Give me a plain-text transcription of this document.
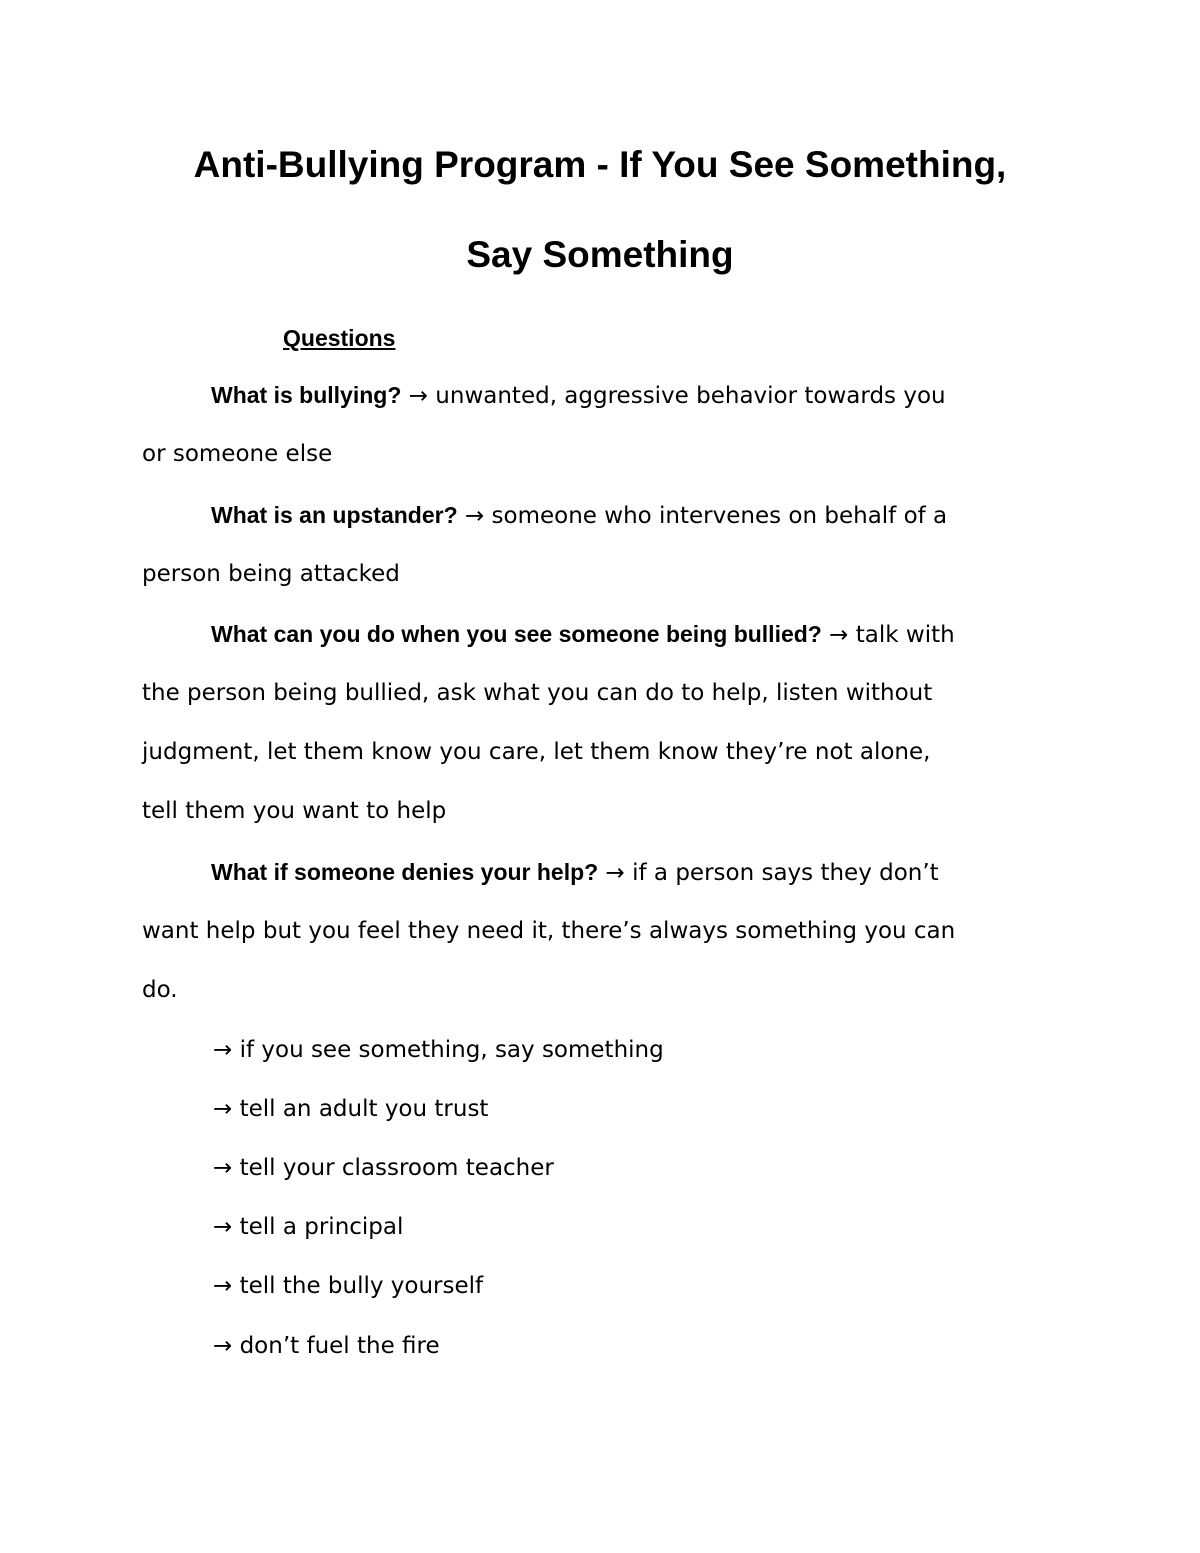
Anti-Bullying Program - If You See Something,
Say Something
Questions
What is bullying? → unwanted, aggressive behavior towards you
or someone else
What is an upstander? → someone who intervenes on behalf of a
person being attacked
What can you do when you see someone being bullied? → talk with
the person being bullied, ask what you can do to help, listen without
judgment, let them know you care, let them know they’re not alone,
tell them you want to help
What if someone denies your help? → if a person says they don’t
want help but you feel they need it, there’s always something you can
do.
→ if you see something, say something
→ tell an adult you trust
→ tell your classroom teacher
→ tell a principal
→ tell the bully yourself
→ don’t fuel the fire
